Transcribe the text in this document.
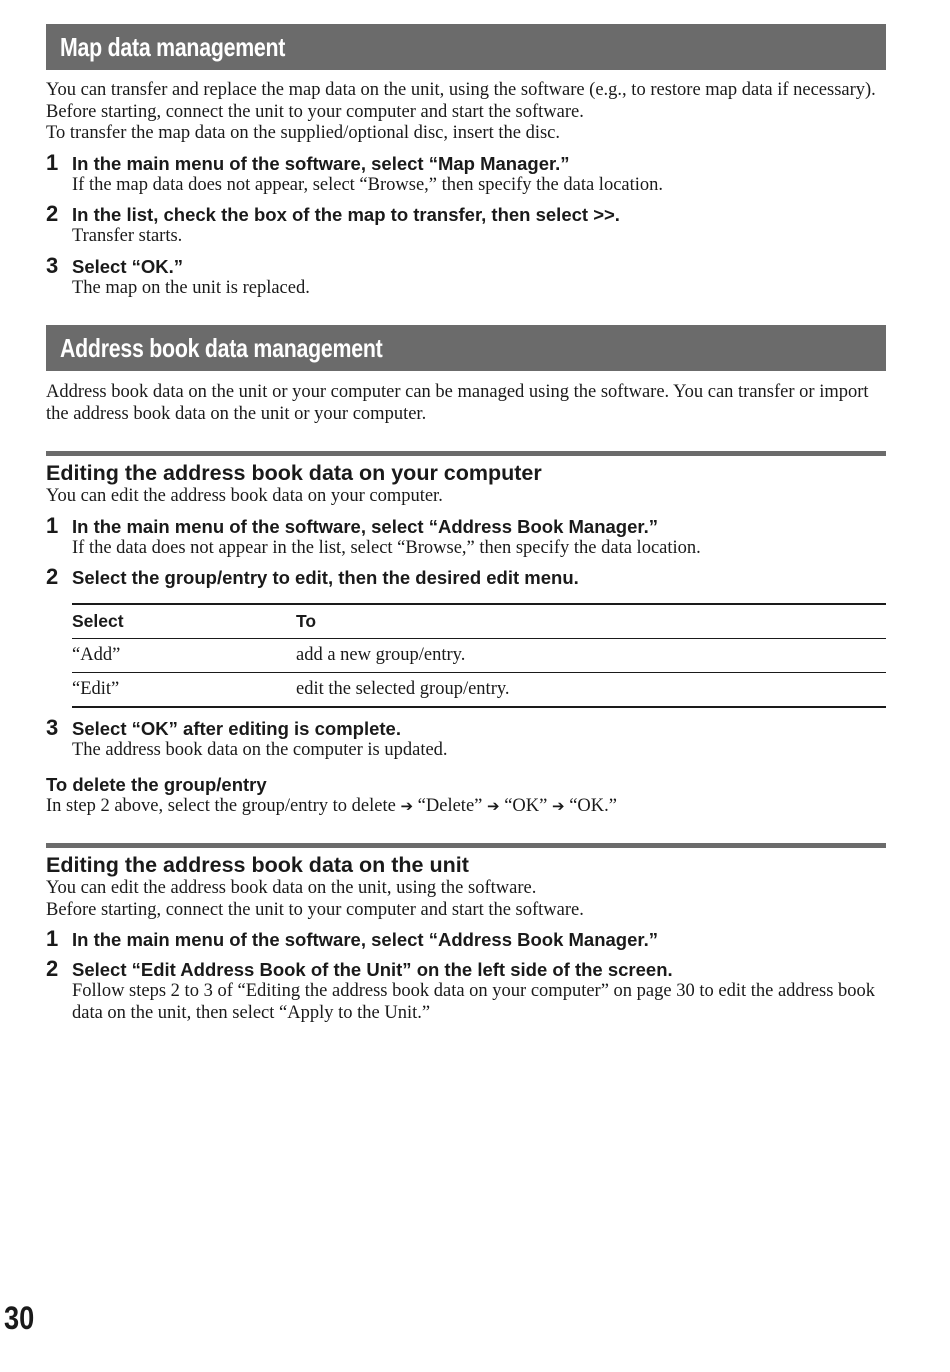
Map data management

You can transfer and replace the map data on the unit, using the software (e.g., to restore map data if necessary).

Before starting, connect the unit to your computer and start the software.

To transfer the map data on the supplied/optional disc, insert the disc.

1 In the main menu of the software, select “Map Manager.”
If the map data does not appear, select “Browse,” then specify the data location.
2 In the list, check the box of the map to transfer, then select >>.
Transfer starts.
3 Select “OK.”
The map on the unit is replaced.
Address book data management

Address book data on the unit or your computer can be managed using the software. You can transfer or import the address book data on the unit or your computer.

Editing the address book data on your computer

You can edit the address book data on your computer.

1 In the main menu of the software, select “Address Book Manager.”
If the data does not appear in the list, select “Browse,” then specify the data location.
2 Select the group/entry to edit, then the desired edit menu.
Select	To
“Add”	add a new group/entry.
“Edit”	edit the selected group/entry.
3 Select “OK” after editing is complete.
The address book data on the computer is updated.
To delete the group/entry

In step 2 above, select the group/entry to delete ➔ “Delete” ➔ “OK” ➔ “OK.”

Editing the address book data on the unit

You can edit the address book data on the unit, using the software.

Before starting, connect the unit to your computer and start the software.

1 In the main menu of the software, select “Address Book Manager.”
2 Select “Edit Address Book of the Unit” on the left side of the screen.
Follow steps 2 to 3 of “Editing the address book data on your computer” on page 30 to edit the address book data on the unit, then select “Apply to the Unit.”
30
